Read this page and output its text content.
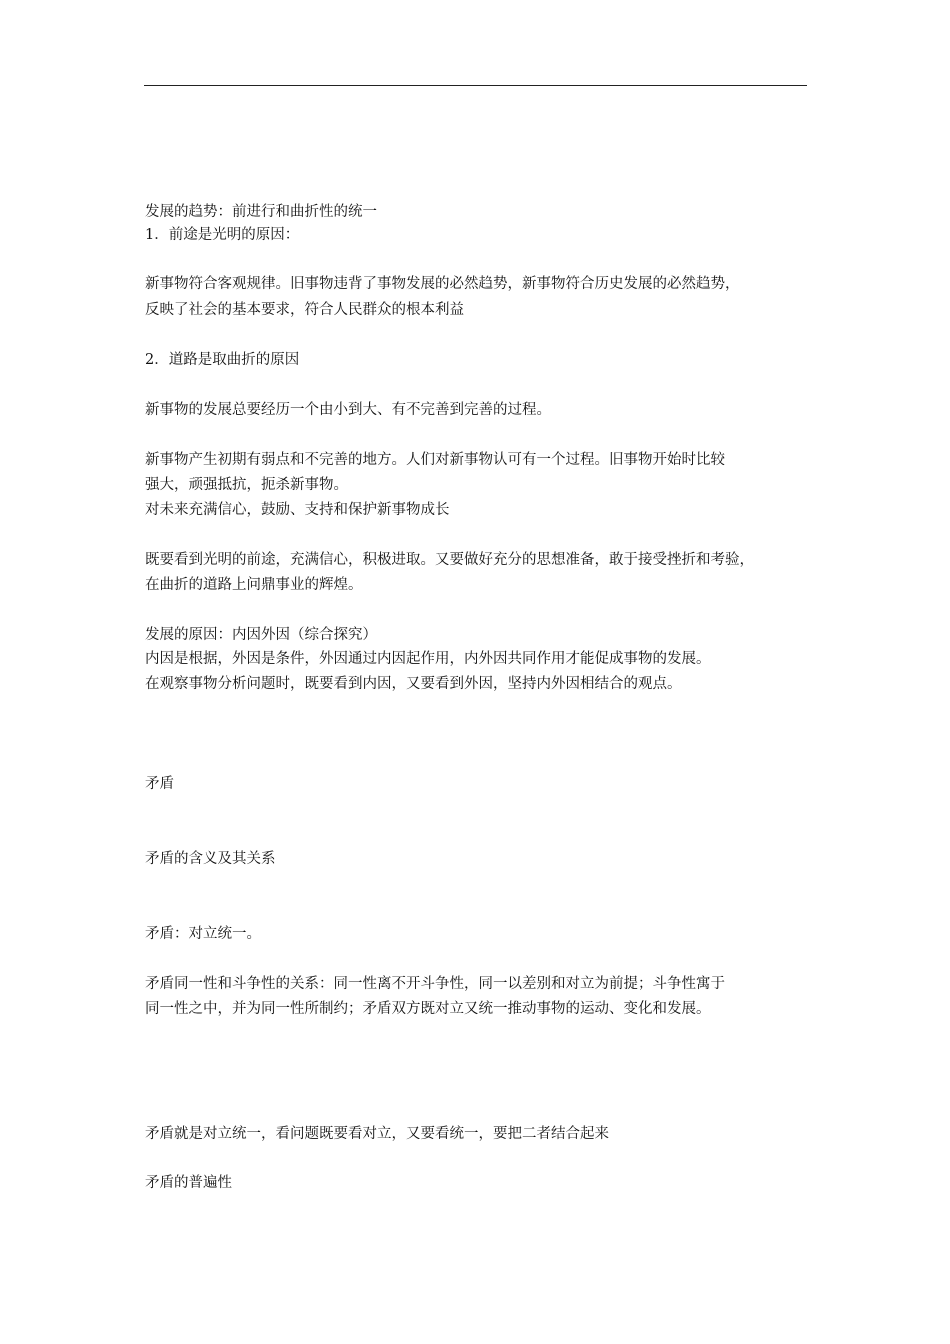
发展的趋势：前进行和曲折性的统一
1．前途是光明的原因：
新事物符合客观规律。旧事物违背了事物发展的必然趋势，新事物符合历史发展的必然趋势，
反映了社会的基本要求，符合人民群众的根本利益
2．道路是取曲折的原因
新事物的发展总要经历一个由小到大、有不完善到完善的过程。
新事物产生初期有弱点和不完善的地方。人们对新事物认可有一个过程。旧事物开始时比较
强大，顽强抵抗，扼杀新事物。
对未来充满信心，鼓励、支持和保护新事物成长
既要看到光明的前途，充满信心，积极进取。又要做好充分的思想准备，敢于接受挫折和考验，
在曲折的道路上问鼎事业的辉煌。
发展的原因：内因外因（综合探究）
内因是根据，外因是条件，外因通过内因起作用，内外因共同作用才能促成事物的发展。
在观察事物分析问题时，既要看到内因，又要看到外因，坚持内外因相结合的观点。
矛盾
矛盾的含义及其关系
矛盾：对立统一。
矛盾同一性和斗争性的关系：同一性离不开斗争性，同一以差别和对立为前提；斗争性寓于
同一性之中，并为同一性所制约；矛盾双方既对立又统一推动事物的运动、变化和发展。
矛盾就是对立统一，看问题既要看对立，又要看统一，要把二者结合起来
矛盾的普遍性
